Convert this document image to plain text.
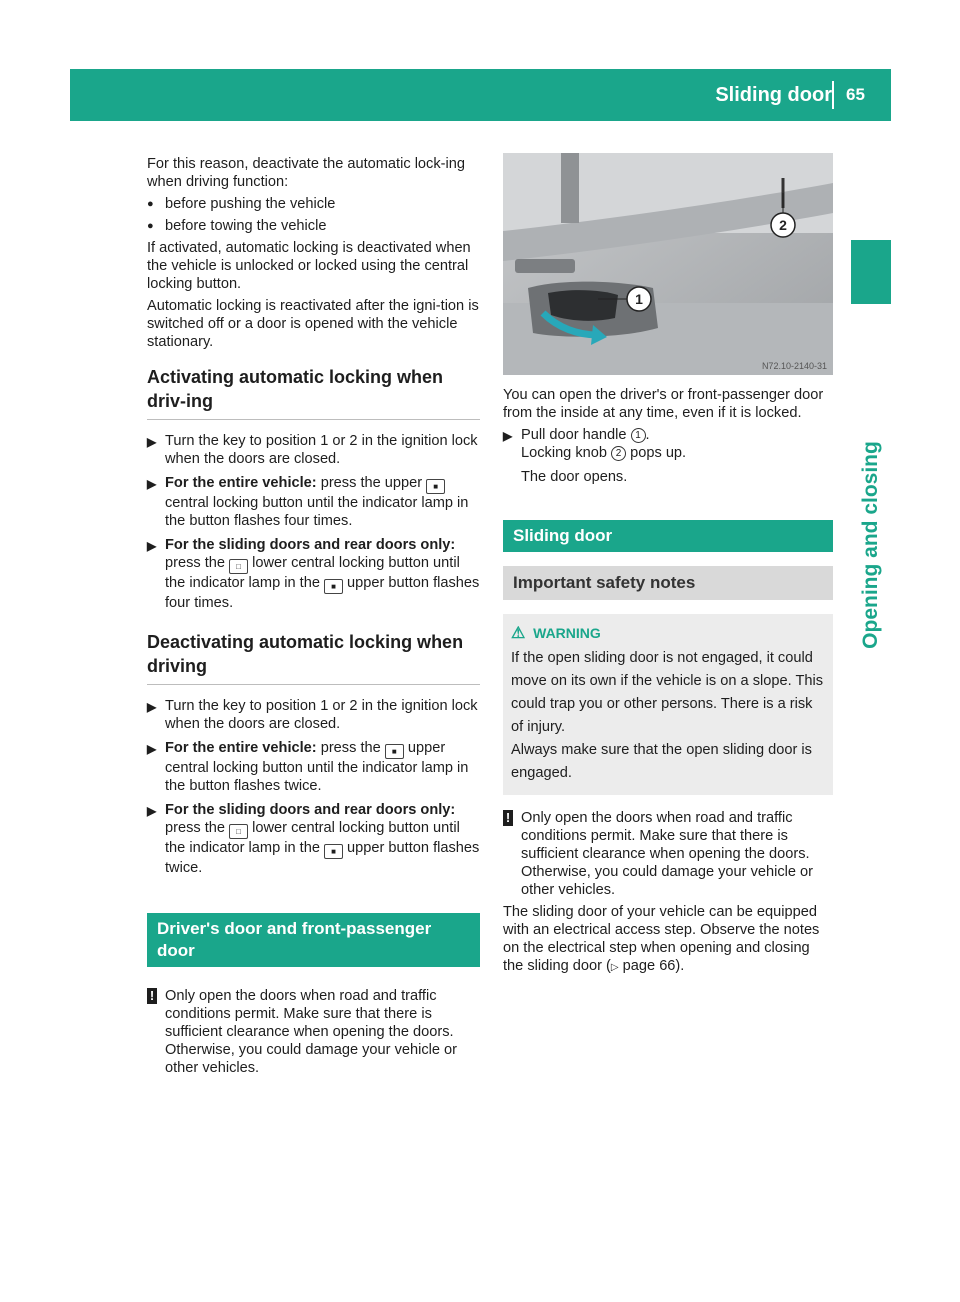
Sliding door 65
Opening and closing

For this reason, deactivate the automatic lock-ing when driving function:

● before pushing the vehicle
● before towing the vehicle

If activated, automatic locking is deactivated when the vehicle is unlocked or locked using the central locking button.

Automatic locking is reactivated after the igni-tion is switched off or a door is opened with the vehicle stationary.

Activating automatic locking when driv-ing
▶ Turn the key to position 1 or 2 in the ignition lock when the doors are closed.
▶ For the entire vehicle: press the upper ■ central locking button until the indicator lamp in the button flashes four times.
▶ For the sliding doors and rear doors only: press the □ lower central locking button until the indicator lamp in the ■ upper button flashes four times.
Deactivating automatic locking when driving
▶ Turn the key to position 1 or 2 in the ignition lock when the doors are closed.
▶ For the entire vehicle: press the ■ upper central locking button until the indicator lamp in the button flashes twice.
▶ For the sliding doors and rear doors only: press the □ lower central locking button until the indicator lamp in the ■ upper button flashes twice.
Driver's door and front-passenger door
! Only open the doors when road and traffic conditions permit. Make sure that there is sufficient clearance when opening the doors. Otherwise, you could damage your vehicle or other vehicles.
1
2
N72.10-2140-31

You can open the driver's or front-passenger door from the inside at any time, even if it is locked.

▶ Pull door handle 1 .
Locking knob 2 pops up.

The door opens.

Sliding door
Important safety notes
⚠ WARNING
If the open sliding door is not engaged, it could move on its own if the vehicle is on a slope. This could trap you or other persons. There is a risk of injury.
Always make sure that the open sliding door is engaged.
! Only open the doors when road and traffic conditions permit. Make sure that there is sufficient clearance when opening the doors. Otherwise, you could damage your vehicle or other vehicles.

The sliding door of your vehicle can be equipped with an electrical access step. Observe the notes on the electrical step when opening and closing the sliding door (▷ page 66).
